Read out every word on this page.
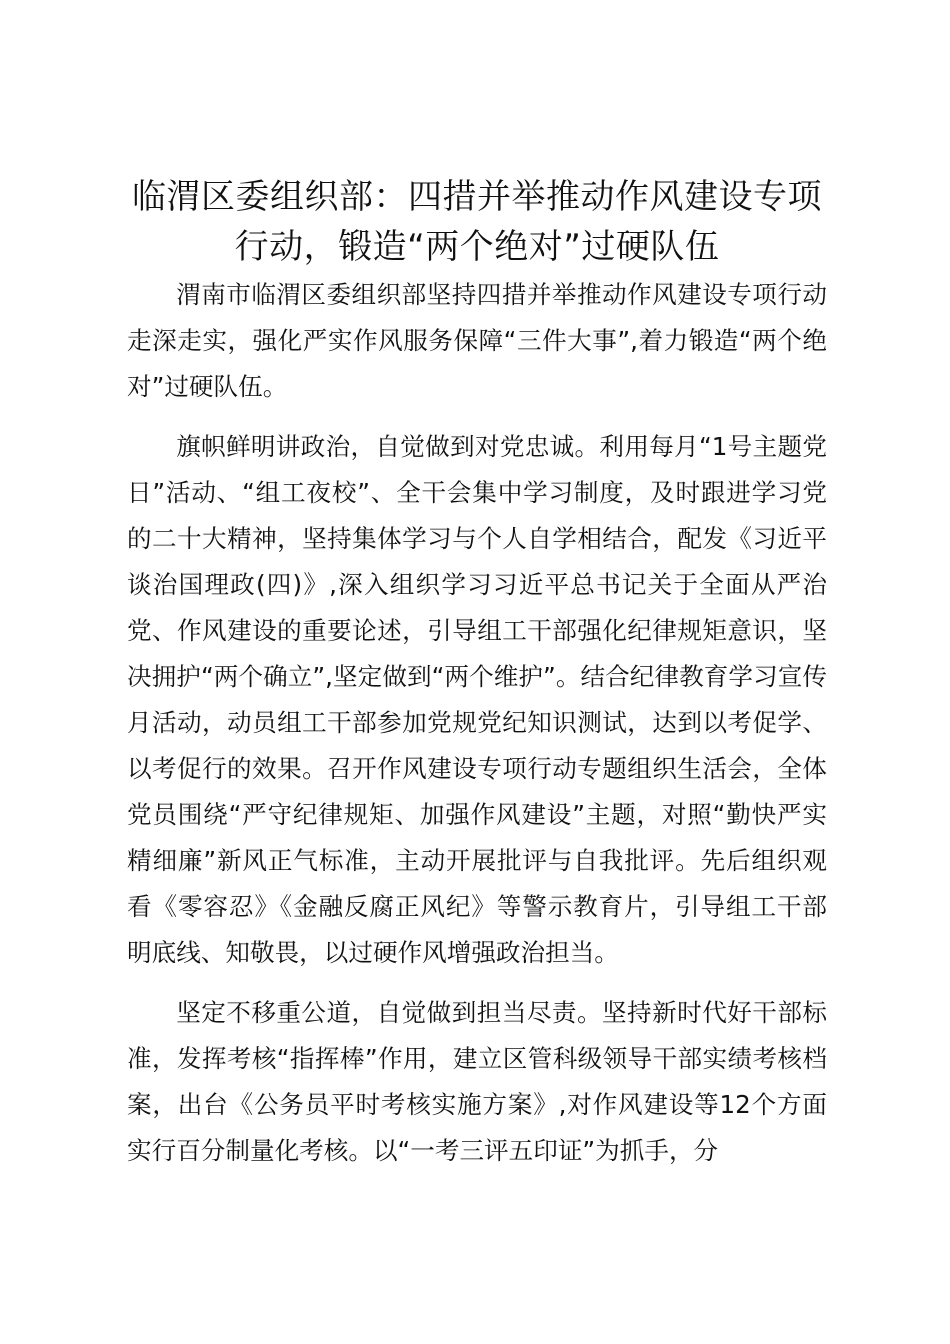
临渭区委组织部：四措并举推动作风建设专项行动，锻造“两个绝对”过硬队伍

渭南市临渭区委组织部坚持四措并举推动作风建设专项行动走深走实，强化严实作风服务保障“三件大事”,着力锻造“两个绝对”过硬队伍。

旗帜鲜明讲政治，自觉做到对党忠诚。利用每月“1号主题党日”活动、“组工夜校”、全干会集中学习制度，及时跟进学习党的二十大精神，坚持集体学习与个人自学相结合，配发《习近平谈治国理政(四)》,深入组织学习习近平总书记关于全面从严治党、作风建设的重要论述，引导组工干部强化纪律规矩意识，坚决拥护“两个确立”,坚定做到“两个维护”。结合纪律教育学习宣传月活动，动员组工干部参加党规党纪知识测试，达到以考促学、以考促行的效果。召开作风建设专项行动专题组织生活会，全体党员围绕“严守纪律规矩、加强作风建设”主题，对照“勤快严实精细廉”新风正气标准，主动开展批评与自我批评。先后组织观看《零容忍》《金融反腐正风纪》等警示教育片，引导组工干部明底线、知敬畏，以过硬作风增强政治担当。

坚定不移重公道，自觉做到担当尽责。坚持新时代好干部标准，发挥考核“指挥棒”作用，建立区管科级领导干部实绩考核档案，出台《公务员平时考核实施方案》,对作风建设等12个方面实行百分制量化考核。以“一考三评五印证”为抓手，分
